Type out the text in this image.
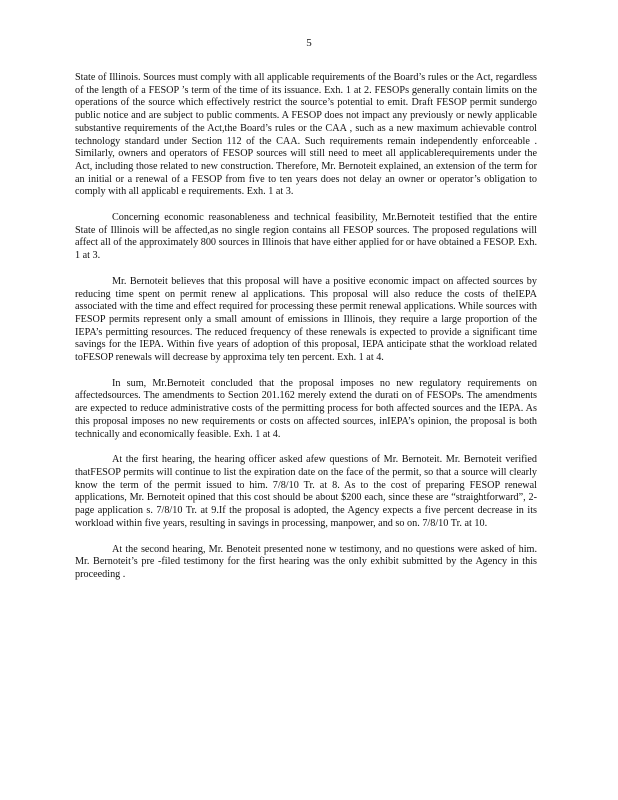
5

State of Illinois. Sources must comply with all applicable requirements of the Board’s rules or the Act, regardless of the length of a FESOP ’s term of the time of its issuance. Exh. 1 at 2. FESOPs generally contain limits on the operations of the source which effectively restrict the source’s potential to emit. Draft FESOP permit sundergo public notice and are subject to public comments. A FESOP does not impact any previously or newly applicable substantive requirements of the Act,the Board’s rules or the CAA , such as a new maximum achievable control technology standard under Section 112 of the CAA. Such requirements remain independently enforceable . Similarly, owners and operators of FESOP sources will still need to meet all applicablerequirements under the Act, including those related to new construction. Therefore, Mr. Bernoteit explained, an extension of the term for an initial or a renewal of a FESOP from five to ten years does not delay an owner or operator’s obligation to comply with all applicabl e requirements. Exh. 1 at 3.

Concerning economic reasonableness and technical feasibility, Mr.Bernoteit testified that the entire State of Illinois will be affected,as no single region contains all FESOP sources. The proposed regulations will affect all of the approximately 800 sources in Illinois that have either applied for or have obtained a FESOP. Exh. 1 at 3.

Mr. Bernoteit believes that this proposal will have a positive economic impact on affected sources by reducing time spent on permit renew al applications. This proposal will also reduce the costs of theIEPA associated with the time and effect required for processing these permit renewal applications. While sources with FESOP permits represent only a small amount of emissions in Illinois, they require a large proportion of the IEPA’s permitting resources. The reduced frequency of these renewals is expected to provide a significant time savings for the IEPA. Within five years of adoption of this proposal, IEPA anticipate sthat the workload related toFESOP renewals will decrease by approxima tely ten percent. Exh. 1 at 4.

In sum, Mr.Bernoteit concluded that the proposal imposes no new regulatory requirements on affectedsources. The amendments to Section 201.162 merely extend the durati on of FESOPs. The amendments are expected to reduce administrative costs of the permitting process for both affected sources and the IEPA. As this proposal imposes no new requirements or costs on affected sources, inIEPA’s opinion, the proposal is both technically and economically feasible. Exh. 1 at 4.

At the first hearing, the hearing officer asked afew questions of Mr. Bernoteit. Mr. Bernoteit verified thatFESOP permits will continue to list the expiration date on the face of the permit, so that a source will clearly know the term of the permit issued to him. 7/8/10 Tr. at 8. As to the cost of preparing FESOP renewal applications, Mr. Bernoteit opined that this cost should be about $200 each, since these are “straightforward”, 2-page application s. 7/8/10 Tr. at 9.If the proposal is adopted, the Agency expects a five percent decrease in its workload within five years, resulting in savings in processing, manpower, and so on. 7/8/10 Tr. at 10.

At the second hearing, Mr. Benoteit presented none w testimony, and no questions were asked of him. Mr. Bernoteit’s pre -filed testimony for the first hearing was the only exhibit submitted by the Agency in this proceeding .
